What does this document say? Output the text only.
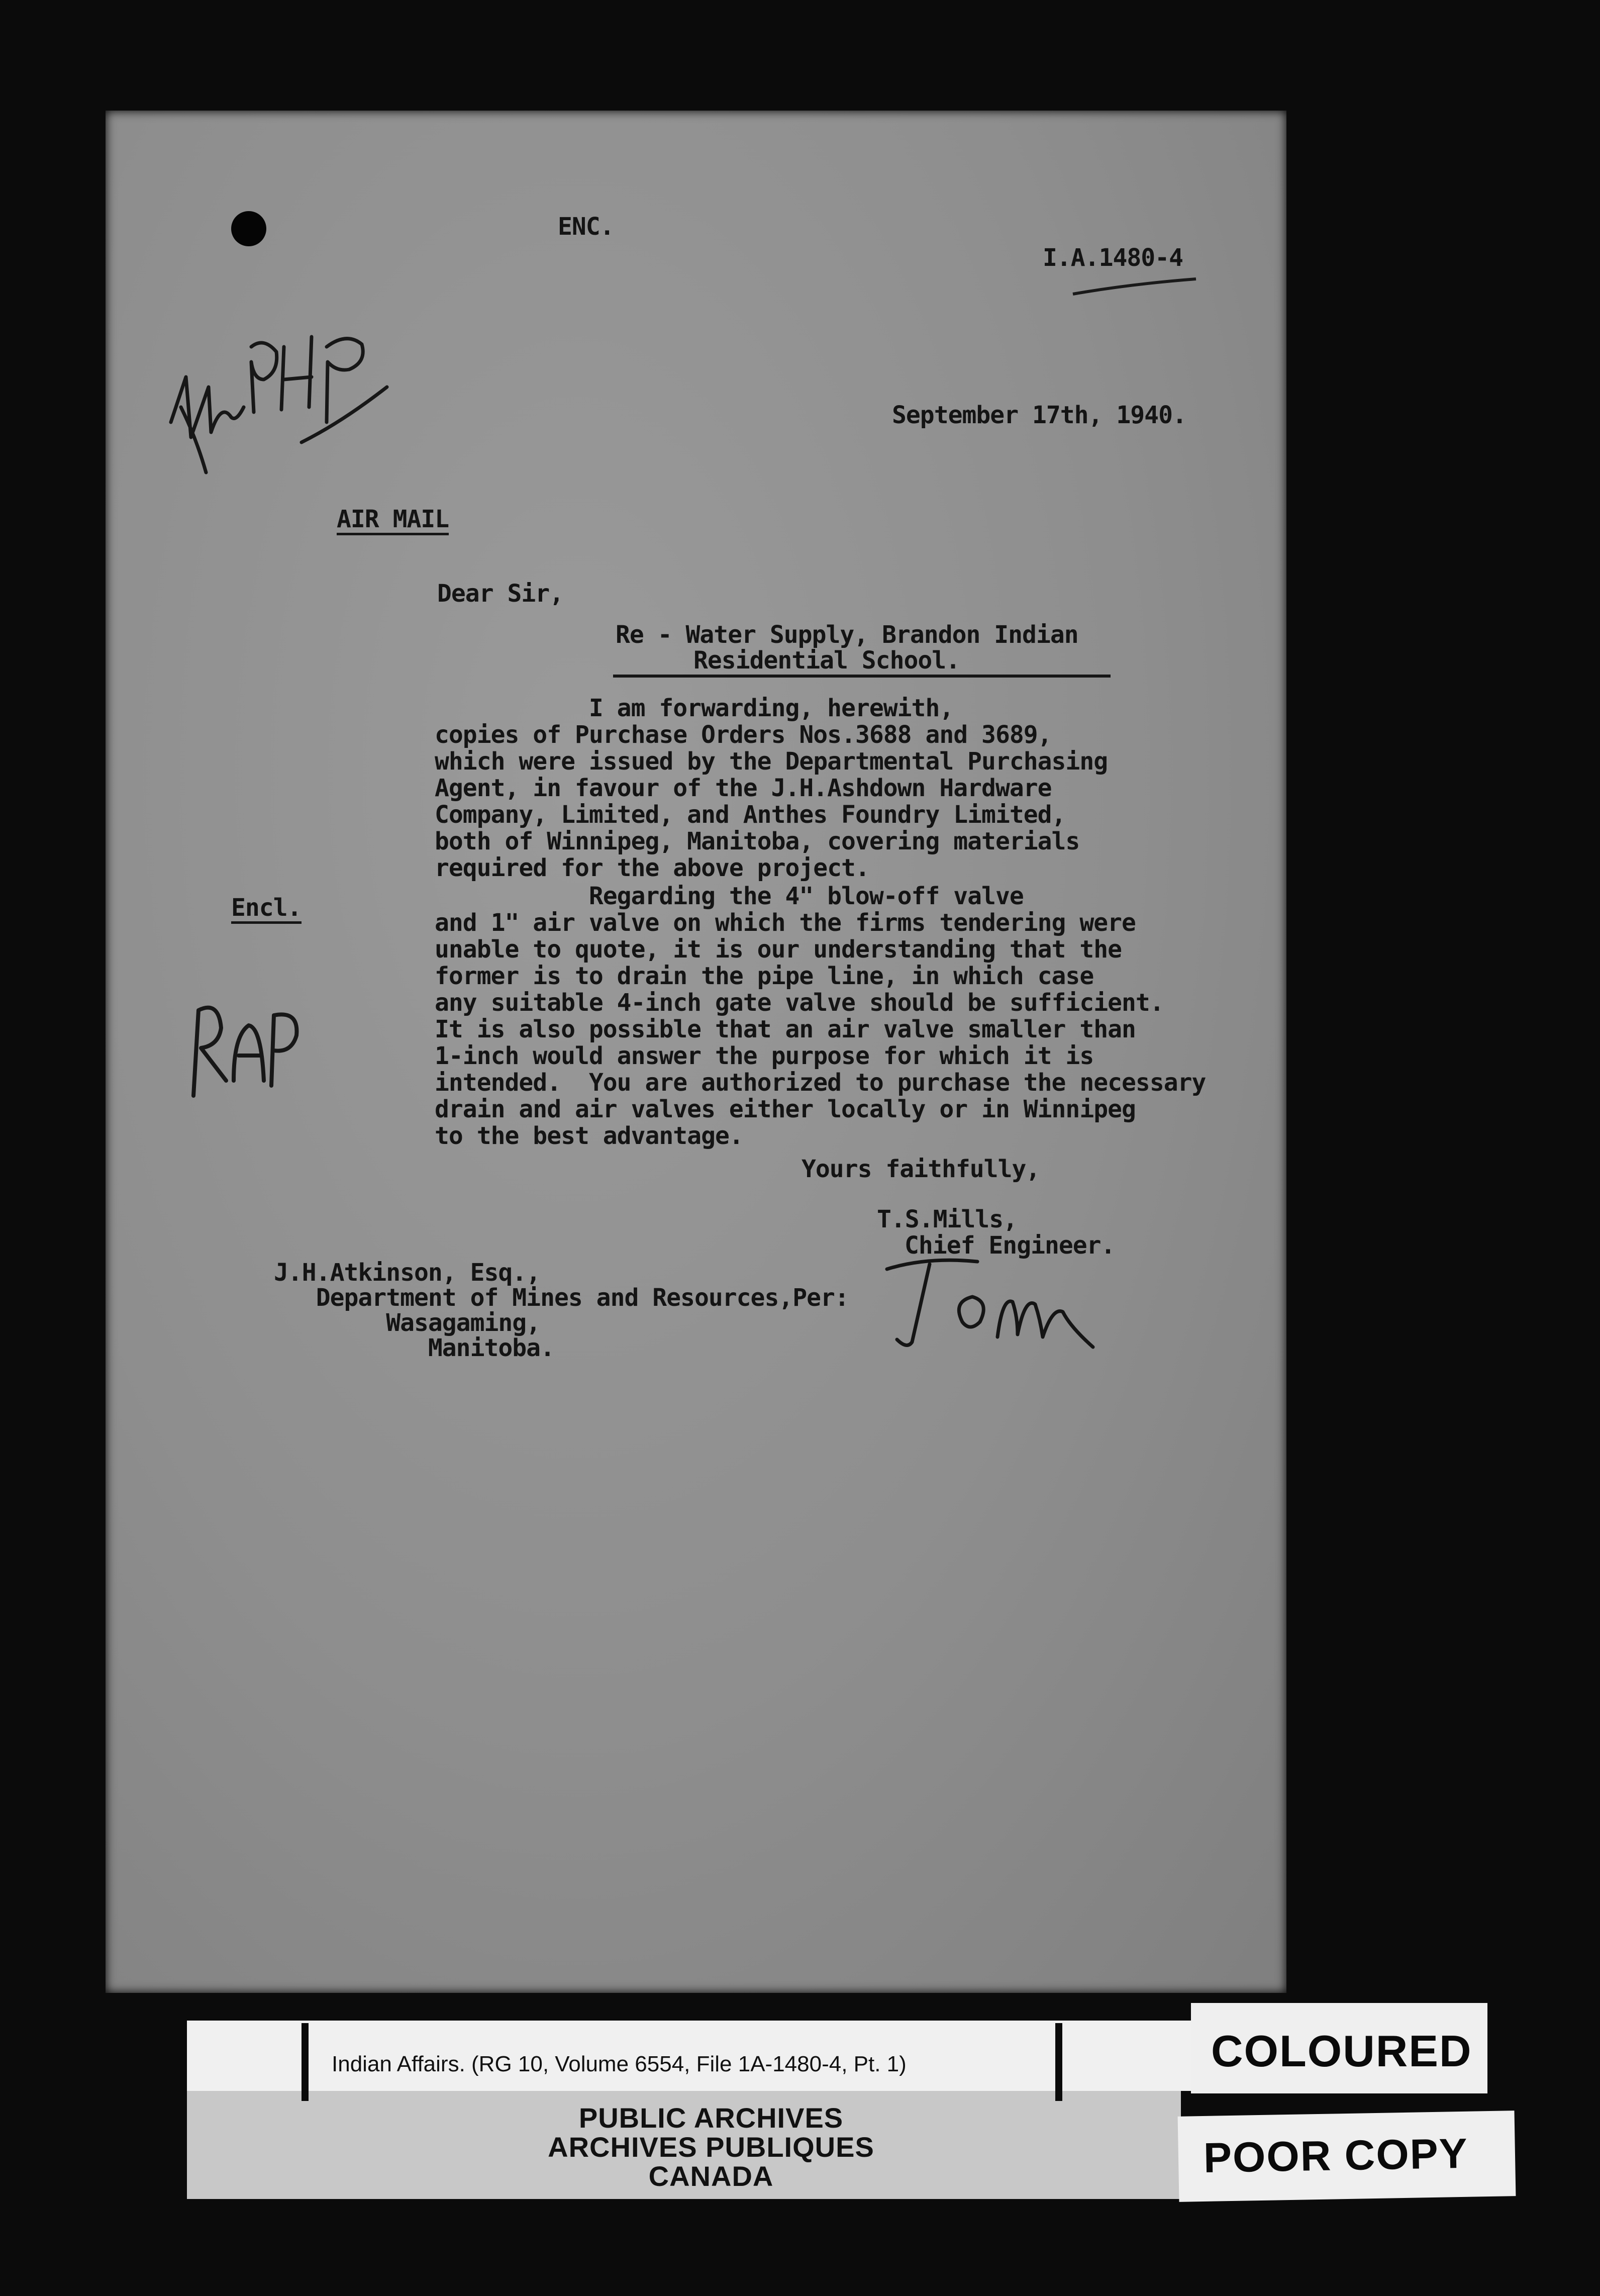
ENC.
I.A.1480-4
September 17th, 1940.
AIR MAIL
Dear Sir,
Re - Water Supply, Brandon Indian
Residential School.
I am forwarding, herewith,
copies of Purchase Orders Nos.3688 and 3689,
which were issued by the Departmental Purchasing
Agent, in favour of the J.H.Ashdown Hardware
Company, Limited, and Anthes Foundry Limited,
both of Winnipeg, Manitoba, covering materials
required for the above project.
Encl.	Regarding the 4" blow-off valve
and 1" air valve on which the firms tendering were
unable to quote, it is our understanding that the
former is to drain the pipe line, in which case
any suitable 4-inch gate valve should be sufficient.
It is also possible that an air valve smaller than
1-inch would answer the purpose for which it is
intended.  You are authorized to purchase the necessary
drain and air valves either locally or in Winnipeg
to the best advantage.
Yours faithfully,
T.S.Mills,
Chief Engineer.
J.H.Atkinson, Esq.,
Department of Mines and Resources,Per:
Wasagaming,
Manitoba.
Indian Affairs. (RG 10, Volume 6554, File 1A-1480-4, Pt. 1)
PUBLIC ARCHIVES
ARCHIVES PUBLIQUES
CANADA
COLOURED
POOR COPY
